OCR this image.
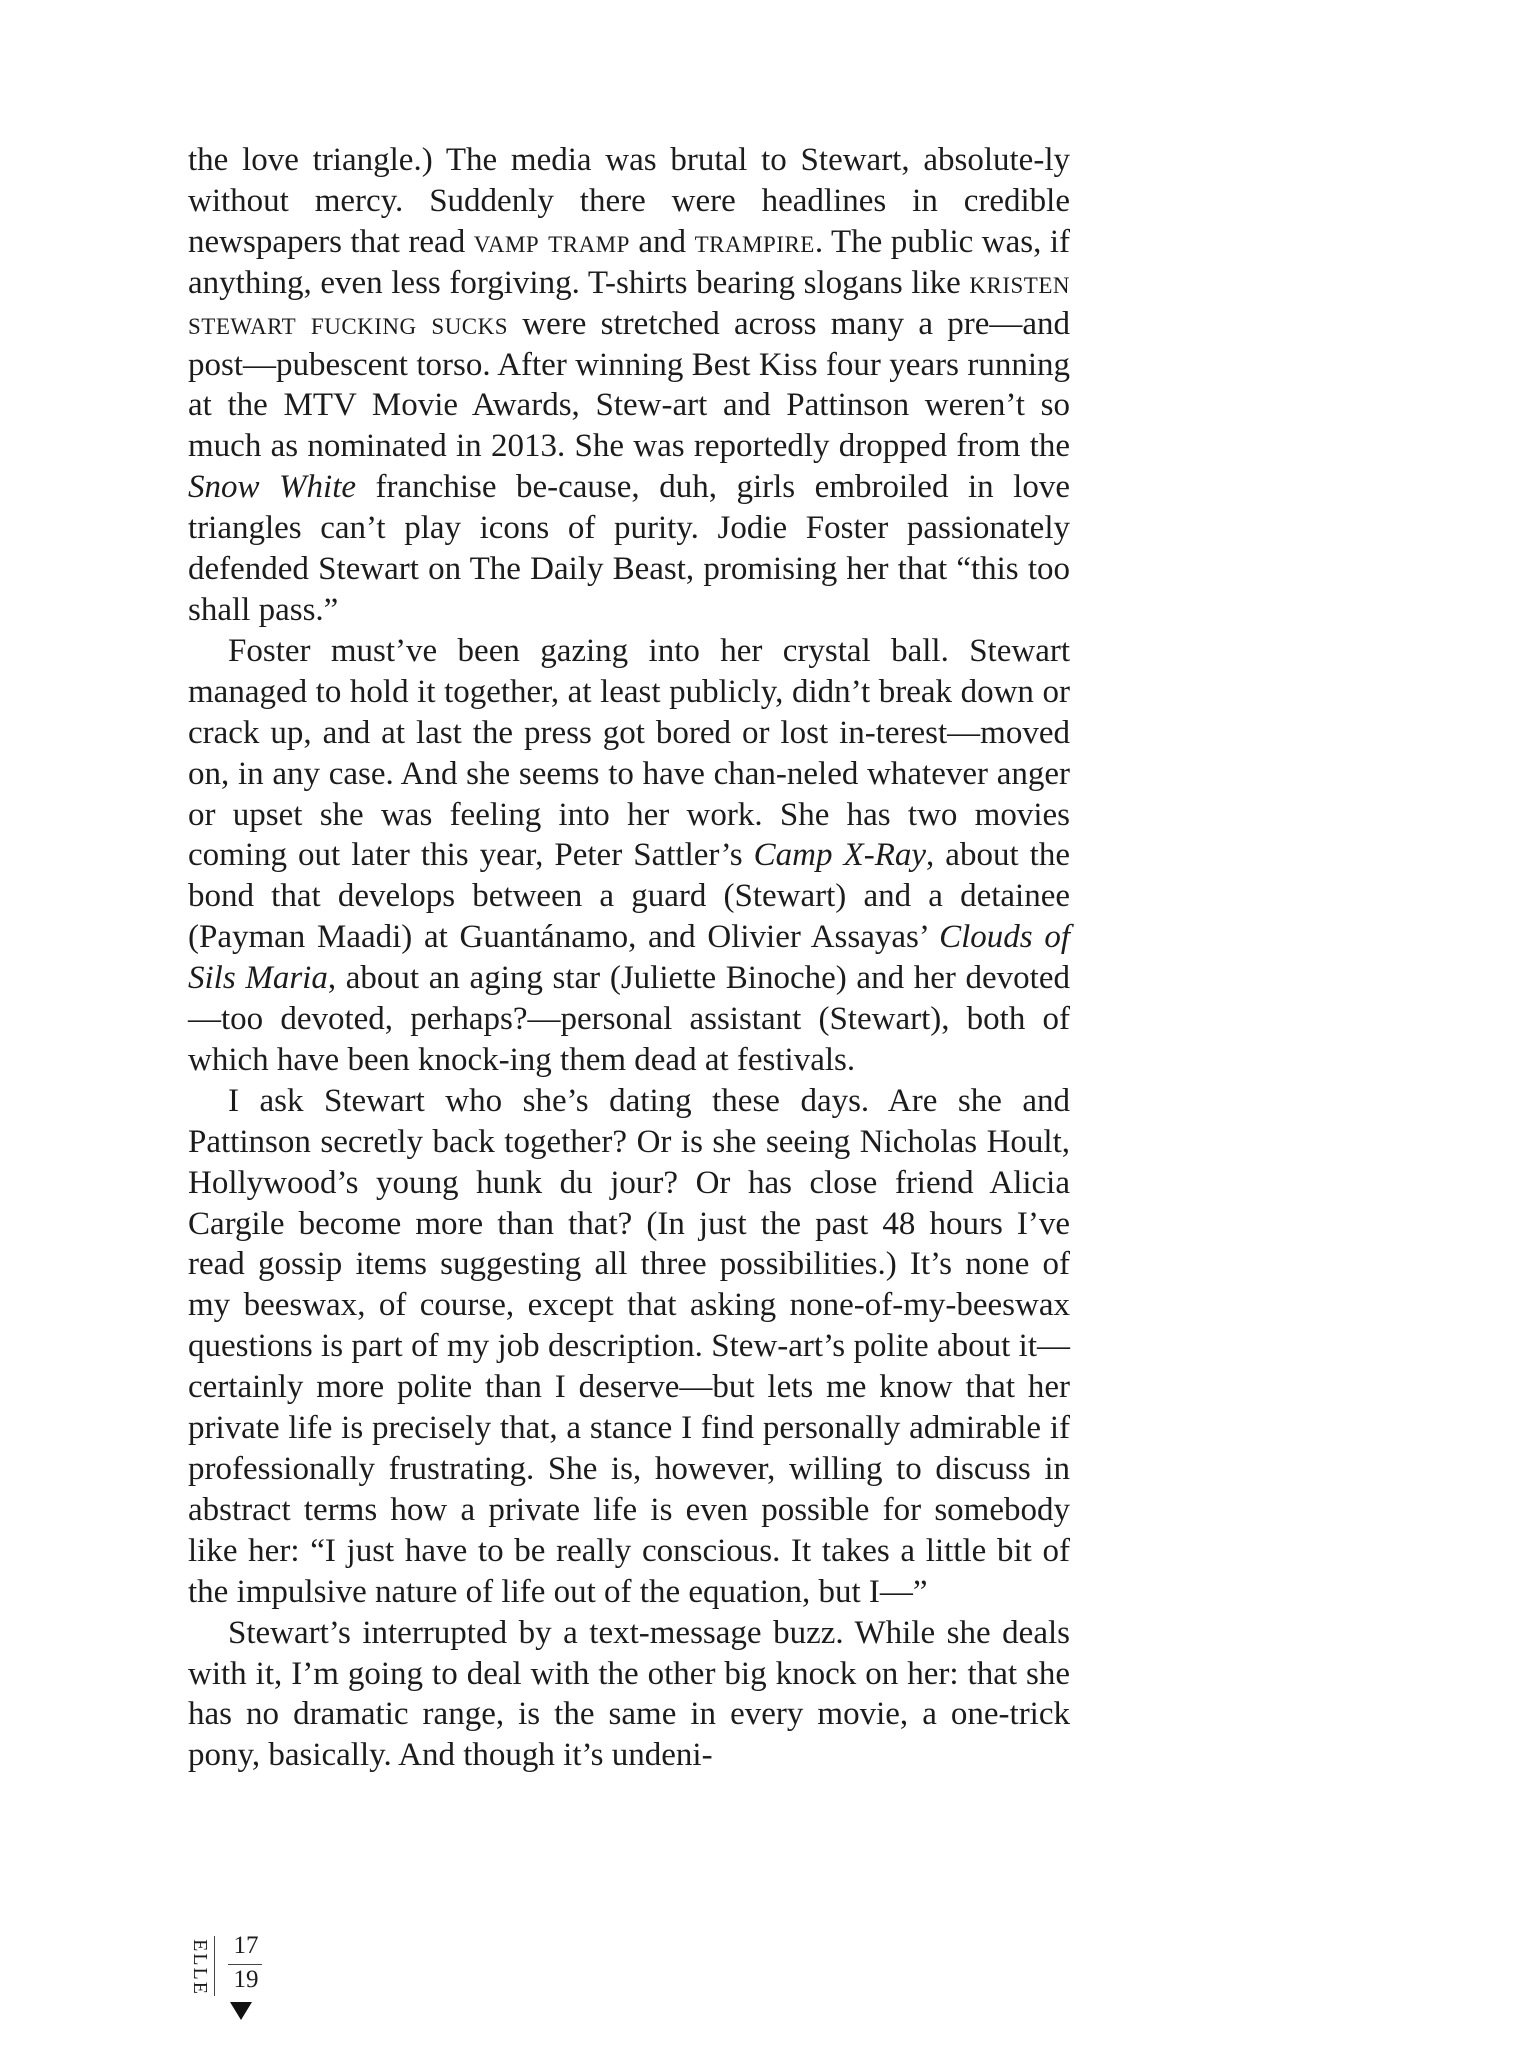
the love triangle.) The media was brutal to Stewart, absolute-ly without mercy. Suddenly there were headlines in credible newspapers that read vamp tramp and trampire. The public was, if anything, even less forgiving. T-shirts bearing slogans like kristen stewart fucking sucks were stretched across many a pre—and post—pubescent torso. After winning Best Kiss four years running at the MTV Movie Awards, Stew-art and Pattinson weren’t so much as nominated in 2013. She was reportedly dropped from the Snow White franchise be-cause, duh, girls embroiled in love triangles can’t play icons of purity. Jodie Foster passionately defended Stewart on The Daily Beast, promising her that “this too shall pass.”

Foster must’ve been gazing into her crystal ball. Stewart managed to hold it together, at least publicly, didn’t break down or crack up, and at last the press got bored or lost in-terest—moved on, in any case. And she seems to have chan-neled whatever anger or upset she was feeling into her work. She has two movies coming out later this year, Peter Sattler’s Camp X-Ray, about the bond that develops between a guard (Stewart) and a detainee (Payman Maadi) at Guantánamo, and Olivier Assayas’ Clouds of Sils Maria, about an aging star (Juliette Binoche) and her devoted—too devoted, perhaps?—personal assistant (Stewart), both of which have been knock-ing them dead at festivals.

I ask Stewart who she’s dating these days. Are she and Pattinson secretly back together? Or is she seeing Nicholas Hoult, Hollywood’s young hunk du jour? Or has close friend Alicia Cargile become more than that? (In just the past 48 hours I’ve read gossip items suggesting all three possibilities.) It’s none of my beeswax, of course, except that asking none-of-my-beeswax questions is part of my job description. Stew-art’s polite about it—certainly more polite than I deserve—but lets me know that her private life is precisely that, a stance I find personally admirable if professionally frustrating. She is, however, willing to discuss in abstract terms how a private life is even possible for somebody like her: “I just have to be really conscious. It takes a little bit of the impulsive nature of life out of the equation, but I—”

Stewart’s interrupted by a text-message buzz. While she deals with it, I’m going to deal with the other big knock on her: that she has no dramatic range, is the same in every movie, a one-trick pony, basically. And though it’s undeni-

ELLE 17
19
